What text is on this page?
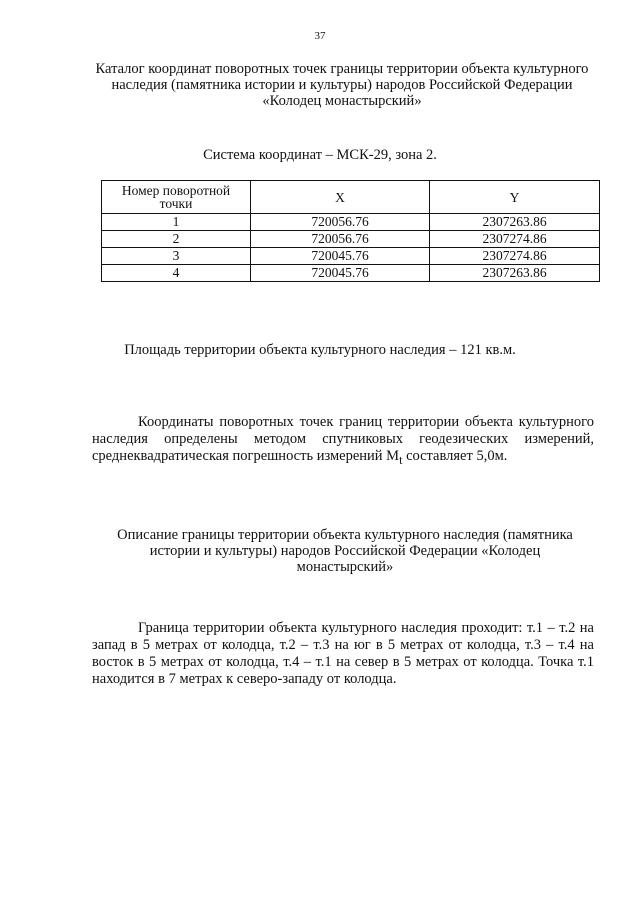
37
Каталог координат поворотных точек границы территории объекта культурного наследия (памятника истории и культуры) народов Российской Федерации «Колодец монастырский»

Система координат – МСК-29, зона 2.

Номер поворотной точки	X	Y
1	720056.76	2307263.86
2	720056.76	2307274.86
3	720045.76	2307274.86
4	720045.76	2307263.86

Площадь территории объекта культурного наследия – 121 кв.м.

Координаты поворотных точек границ территории объекта культурного наследия определены методом спутниковых геодезических измерений, среднеквадратическая погрешность измерений $M_t$ составляет 5,0м.

Описание границы территории объекта культурного наследия (памятника истории и культуры) народов Российской Федерации «Колодец монастырский»

Граница территории объекта культурного наследия проходит: т.1 – т.2 на запад в 5 метрах от колодца, т.2 – т.3 на юг в 5 метрах от колодца, т.3 – т.4 на восток в 5 метрах от колодца, т.4 – т.1 на север в 5 метрах от колодца. Точка т.1 находится в 7 метрах к северо-западу от колодца.
